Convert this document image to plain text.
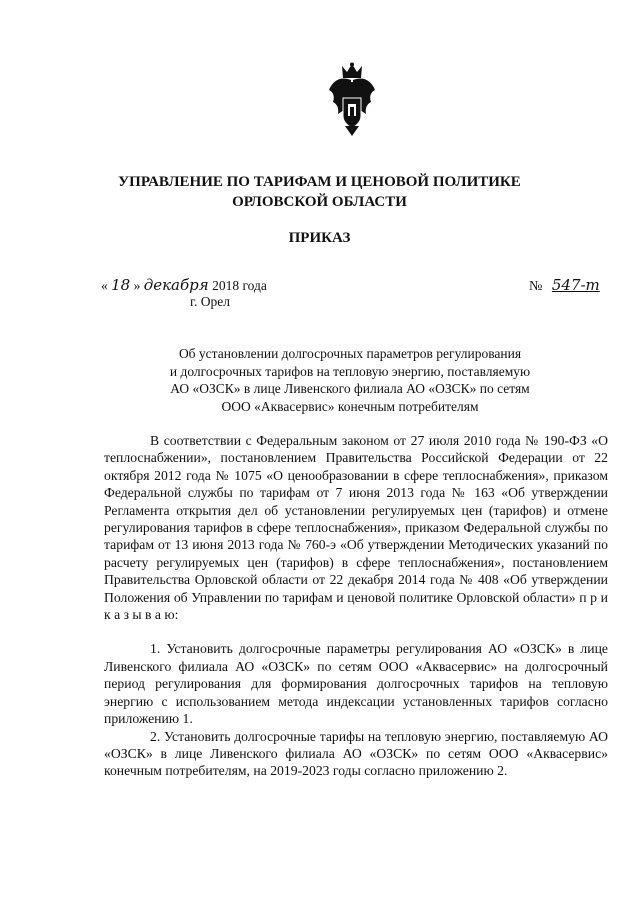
УПРАВЛЕНИЕ ПО ТАРИФАМ И ЦЕНОВОЙ ПОЛИТИКЕ
ОРЛОВСКОЙ ОБЛАСТИ
ПРИКАЗ
« 18 » декабря 2018 года
г. Орел
№ 547-т
Об установлении долгосрочных параметров регулирования
и долгосрочных тарифов на тепловую энергию, поставляемую
АО «ОЗСК» в лице Ливенского филиала АО «ОЗСК» по сетям
ООО «Аквасервис» конечным потребителям

В соответствии с Федеральным законом от 27 июля 2010 года № 190-ФЗ «О теплоснабжении», постановлением Правительства Российской Федерации от 22 октября 2012 года № 1075 «О ценообразовании в сфере теплоснабжения», приказом Федеральной службы по тарифам от 7 июня 2013 года № 163 «Об утверждении Регламента открытия дел об установлении регулируемых цен (тарифов) и отмене регулирования тарифов в сфере теплоснабжения», приказом Федеральной службы по тарифам от 13 июня 2013 года № 760-э «Об утверждении Методических указаний по расчету регулируемых цен (тарифов) в сфере теплоснабжения», постановлением Правительства Орловской области от 22 декабря 2014 года № 408 «Об утверждении Положения об Управлении по тарифам и ценовой политике Орловской области» п р и к а з ы в а ю:

1. Установить долгосрочные параметры регулирования АО «ОЗСК» в лице Ливенского филиала АО «ОЗСК» по сетям ООО «Аквасервис» на долгосрочный период регулирования для формирования долгосрочных тарифов на тепловую энергию с использованием метода индексации установленных тарифов согласно приложению 1.

2. Установить долгосрочные тарифы на тепловую энергию, поставляемую АО «ОЗСК» в лице Ливенского филиала АО «ОЗСК» по сетям ООО «Аквасервис» конечным потребителям, на 2019-2023 годы согласно приложению 2.
